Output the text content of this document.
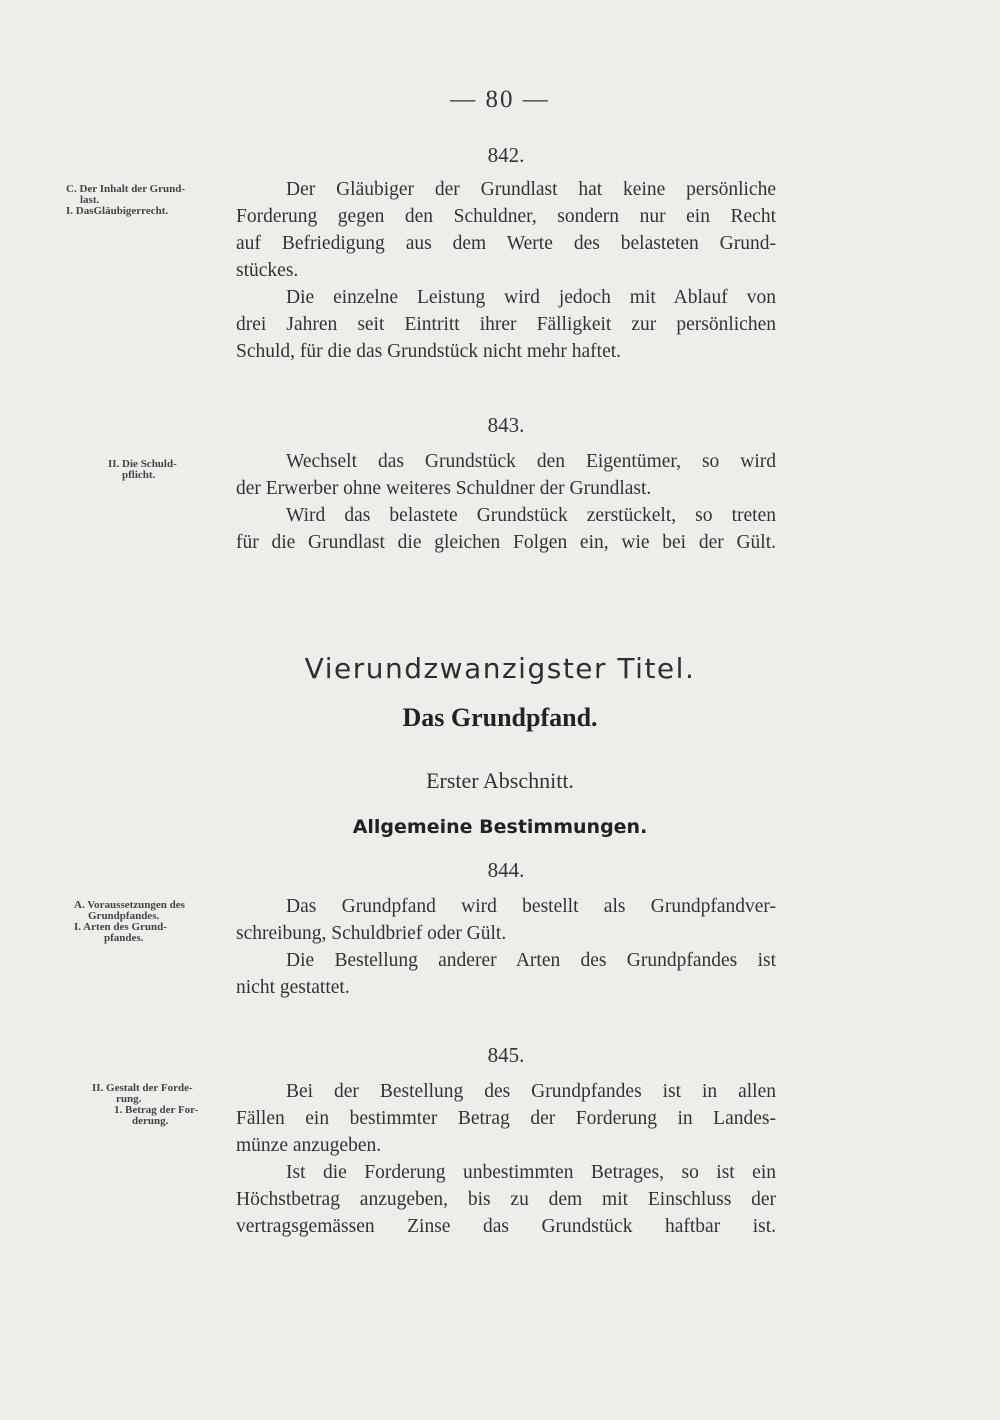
— 80 —
842.
C. Der Inhalt der Grund-
last.
I. DasGläubigerrecht.
Der Gläubiger der Grundlast hat keine persönliche
Forderung gegen den Schuldner, sondern nur ein Recht
auf Befriedigung aus dem Werte des belasteten Grund-
stückes.
Die einzelne Leistung wird jedoch mit Ablauf von
drei Jahren seit Eintritt ihrer Fälligkeit zur persönlichen
Schuld, für die das Grundstück nicht mehr haftet.
843.
II. Die Schuld-
pflicht.
Wechselt das Grundstück den Eigentümer, so wird
der Erwerber ohne weiteres Schuldner der Grundlast.
Wird das belastete Grundstück zerstückelt, so treten
für die Grundlast die gleichen Folgen ein, wie bei der Gült.
Vierundzwanzigster Titel.
Das Grundpfand.
Erster Abschnitt.
Allgemeine Bestimmungen.
844.
A. Voraussetzungen des
Grundpfandes.
I. Arten des Grund-
pfandes.
Das Grundpfand wird bestellt als Grundpfandver-
schreibung, Schuldbrief oder Gült.
Die Bestellung anderer Arten des Grundpfandes ist
nicht gestattet.
845.
II. Gestalt der Forde-
rung.
1. Betrag der For-
derung.
Bei der Bestellung des Grundpfandes ist in allen
Fällen ein bestimmter Betrag der Forderung in Landes-
münze anzugeben.
Ist die Forderung unbestimmten Betrages, so ist ein
Höchstbetrag anzugeben, bis zu dem mit Einschluss der
vertragsgemässen Zinse das Grundstück haftbar ist.
